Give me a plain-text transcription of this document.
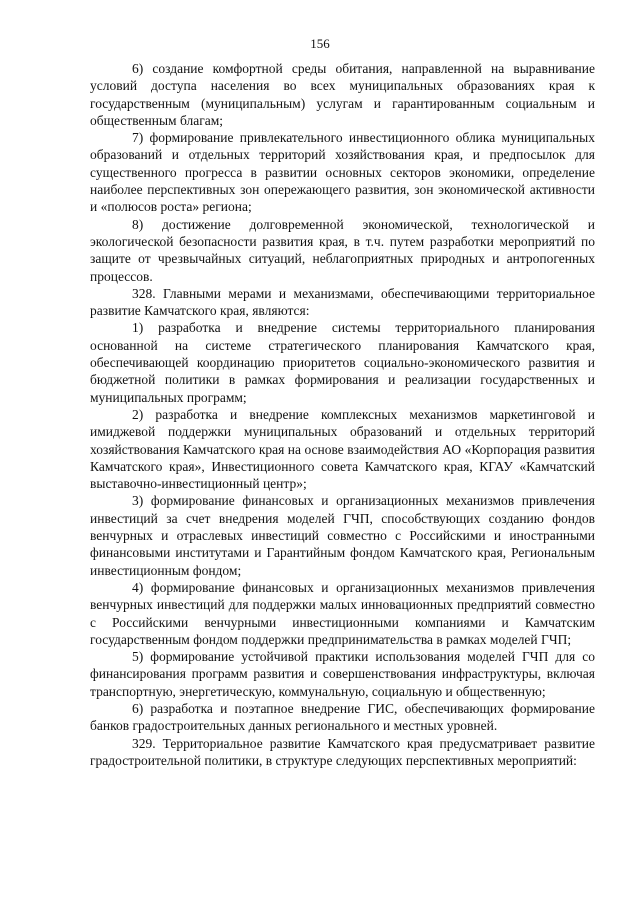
156

6) создание комфортной среды обитания, направленной на выравнивание условий доступа населения во всех муниципальных образованиях края к государственным (муниципальным) услугам и гарантированным социальным и общественным благам;

7) формирование привлекательного инвестиционного облика муниципальных образований и отдельных территорий хозяйствования края, и предпосылок для существенного прогресса в развитии основных секторов экономики, определение наиболее перспективных зон опережающего развития, зон экономической активности и «полюсов роста» региона;

8) достижение долговременной экономической, технологической и экологической безопасности развития края, в т.ч. путем разработки мероприятий по защите от чрезвычайных ситуаций, неблагоприятных природных и антропогенных процессов.

328. Главными мерами и механизмами, обеспечивающими территориальное развитие Камчатского края, являются:

1) разработка и внедрение системы территориального планирования основанной на системе стратегического планирования Камчатского края, обеспечивающей координацию приоритетов социально-экономического развития и бюджетной политики в рамках формирования и реализации государственных и муниципальных программ;

2) разработка и внедрение комплексных механизмов маркетинговой и имиджевой поддержки муниципальных образований и отдельных территорий хозяйствования Камчатского края на основе взаимодействия АО «Корпорация развития Камчатского края», Инвестиционного совета Камчатского края, КГАУ «Камчатский выставочно-инвестиционный центр»;

3) формирование финансовых и организационных механизмов привлечения инвестиций за счет внедрения моделей ГЧП, способствующих созданию фондов венчурных и отраслевых инвестиций совместно с Российскими и иностранными финансовыми институтами и Гарантийным фондом Камчатского края, Региональным инвестиционным фондом;

4) формирование финансовых и организационных механизмов привлечения венчурных инвестиций для поддержки малых инновационных предприятий совместно с Российскими венчурными инвестиционными компаниями и Камчатским государственным фондом поддержки предпринимательства в рамках моделей ГЧП;

5) формирование устойчивой практики использования моделей ГЧП для со финансирования программ развития и совершенствования инфраструктуры, включая транспортную, энергетическую, коммунальную, социальную и общественную;

6) разработка и поэтапное внедрение ГИС, обеспечивающих формирование банков градостроительных данных регионального и местных уровней.

329. Территориальное развитие Камчатского края предусматривает развитие градостроительной политики, в структуре следующих перспективных мероприятий:
